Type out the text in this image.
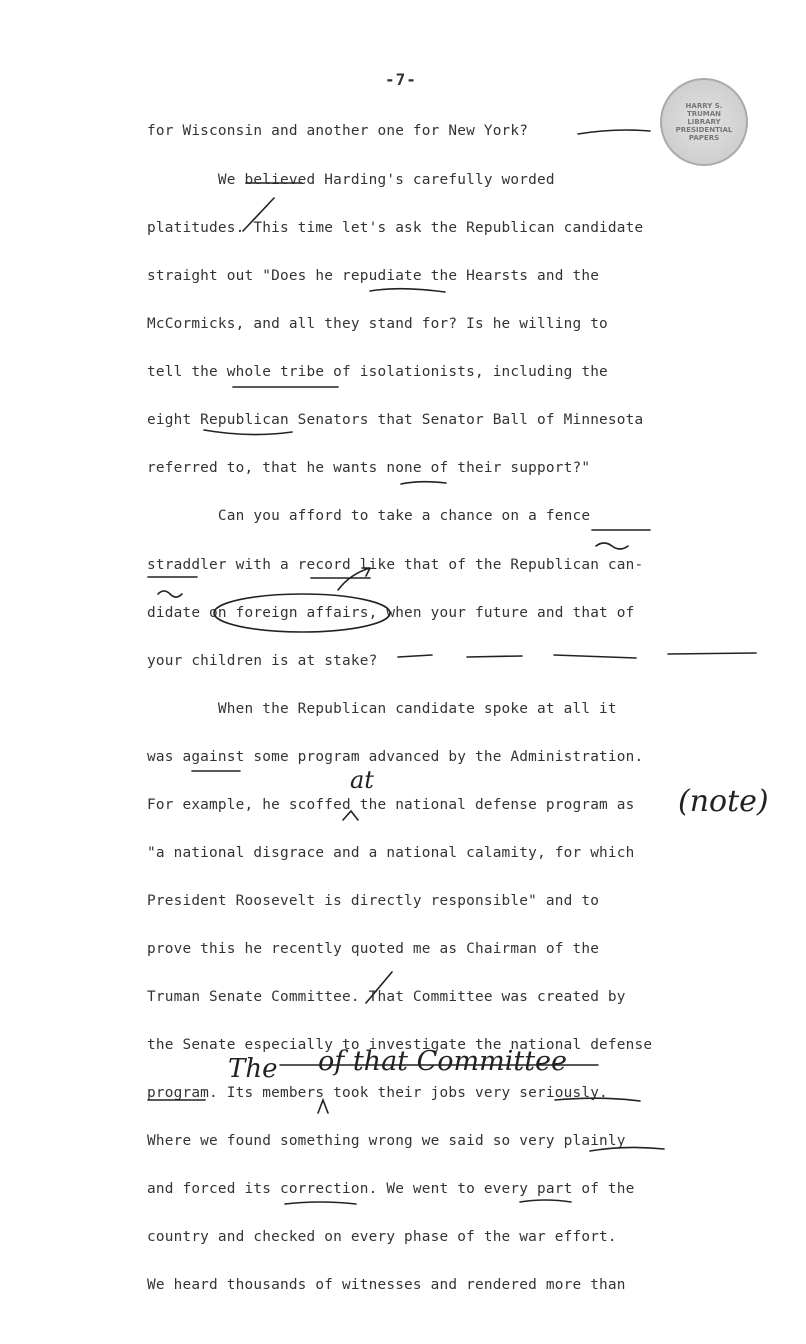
-7-
HARRY S. TRUMAN LIBRARY PRESIDENTIAL PAPERS
for Wisconsin and another one for New York?
We believed Harding's carefully worded
platitudes. This time let's ask the Republican candidate
straight out "Does he repudiate the Hearsts and the
McCormicks, and all they stand for? Is he willing to
tell the whole tribe of isolationists, including the
eight Republican Senators that Senator Ball of Minnesota
referred to, that he wants none of their support?"
Can you afford to take a chance on a fence
straddler with a record like that of the Republican can-
didate on foreign affairs, when your future and that of
your children is at stake?
When the Republican candidate spoke at all it
was against some program advanced by the Administration.
For example, he scoffed the national defense program as
"a national disgrace and a national calamity, for which
President Roosevelt is directly responsible" and to
prove this he recently quoted me as Chairman of the
Truman Senate Committee. That Committee was created by
the Senate especially to investigate the national defense
program. Its members took their jobs very seriously.
Where we found something wrong we said so very plainly
and forced its correction. We went to every part of the
country and checked on every phase of the war effort.
We heard thousands of witnesses and rendered more than
at
(note)
The of that Committee
